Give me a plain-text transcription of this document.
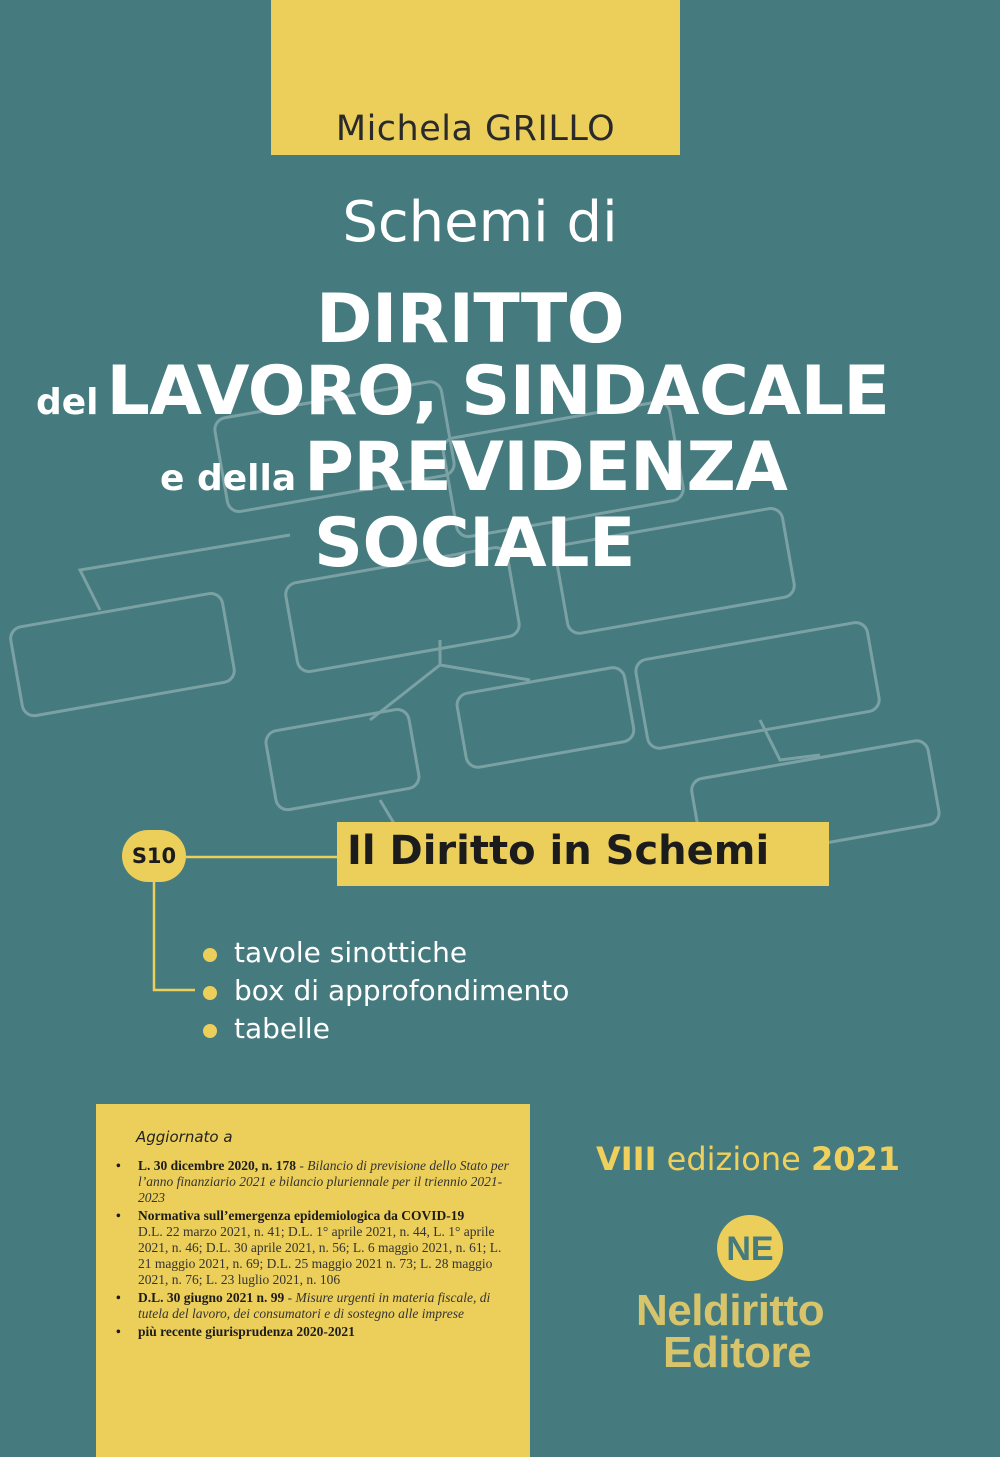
Michela GRILLO
Schemi di
DIRITTO
del LAVORO, SINDACALE
e della PREVIDENZA
SOCIALE
S10	Il Diritto in Schemi
tavole sinottiche
box di approfondimento
tabelle
Aggiornato a
• L. 30 dicembre 2020, n. 178 - Bilancio di previsione dello Stato per l’anno finanziario 2021 e bilancio pluriennale per il triennio 2021-2023
• Normativa sull’emergenza epidemiologica da COVID-19
D.L. 22 marzo 2021, n. 41; D.L. 1° aprile 2021, n. 44, L. 1° aprile 2021, n. 46; D.L. 30 aprile 2021, n. 56; L. 6 maggio 2021, n. 61; L. 21 maggio 2021, n. 69; D.L. 25 maggio 2021 n. 73; L. 28 maggio 2021, n. 76; L. 23 luglio 2021, n. 106
• D.L. 30 giugno 2021 n. 99 - Misure urgenti in materia fiscale, di tutela del lavoro, dei consumatori e di sostegno alle imprese
• più recente giurisprudenza 2020-2021
VIII edizione 2021
NE
Neldiritto
Editore
